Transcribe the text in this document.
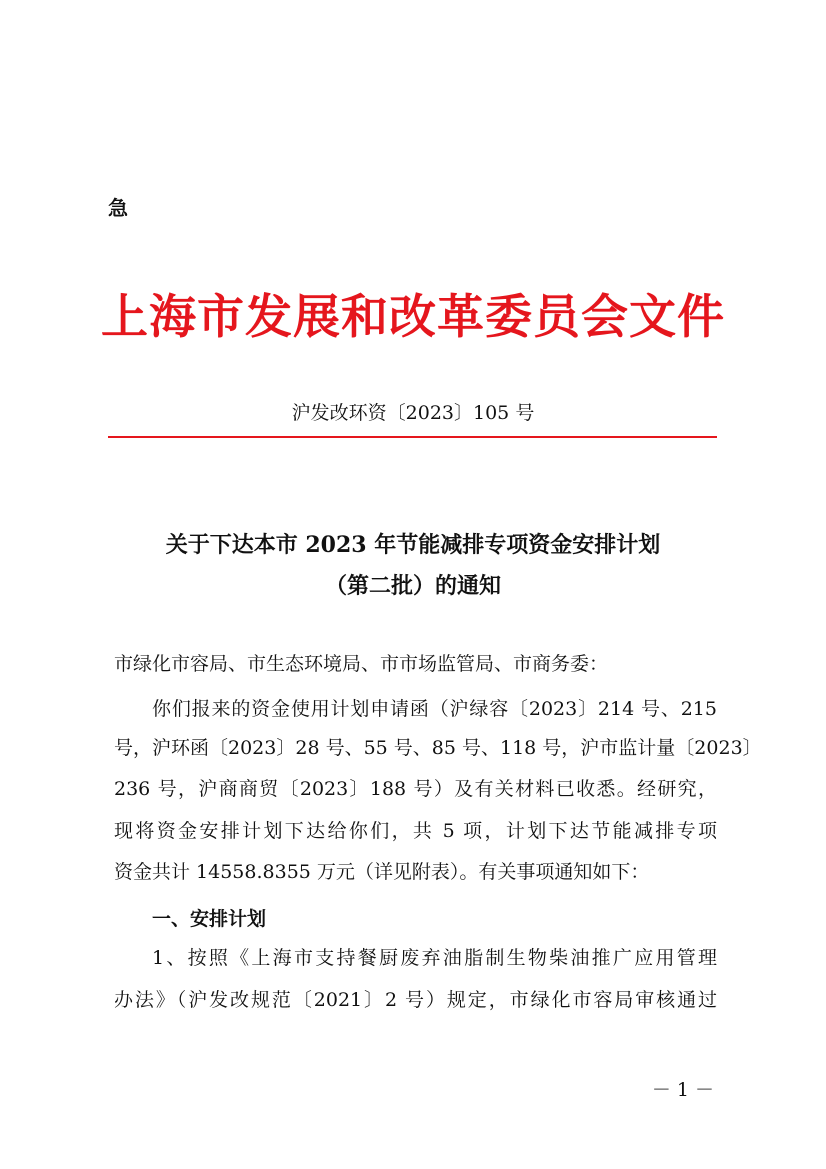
急
上海市发展和改革委员会文件
沪发改环资〔2023〕105 号
关于下达本市 2023 年节能减排专项资金安排计划
（第二批）的通知
市绿化市容局、市生态环境局、市市场监管局、市商务委：
你们报来的资金使用计划申请函（沪绿容〔2023〕214 号、215
号，沪环函〔2023〕28 号、55 号、85 号、118 号，沪市监计量〔2023〕
236 号，沪商商贸〔2023〕188 号）及有关材料已收悉。经研究，
现将资金安排计划下达给你们，共 5 项，计划下达节能减排专项
资金共计 14558.8355 万元（详见附表）。有关事项通知如下：
一、安排计划
1、按照《上海市支持餐厨废弃油脂制生物柴油推广应用管理
办法》（沪发改规范〔2021〕2 号）规定，市绿化市容局审核通过
－ 1 －
